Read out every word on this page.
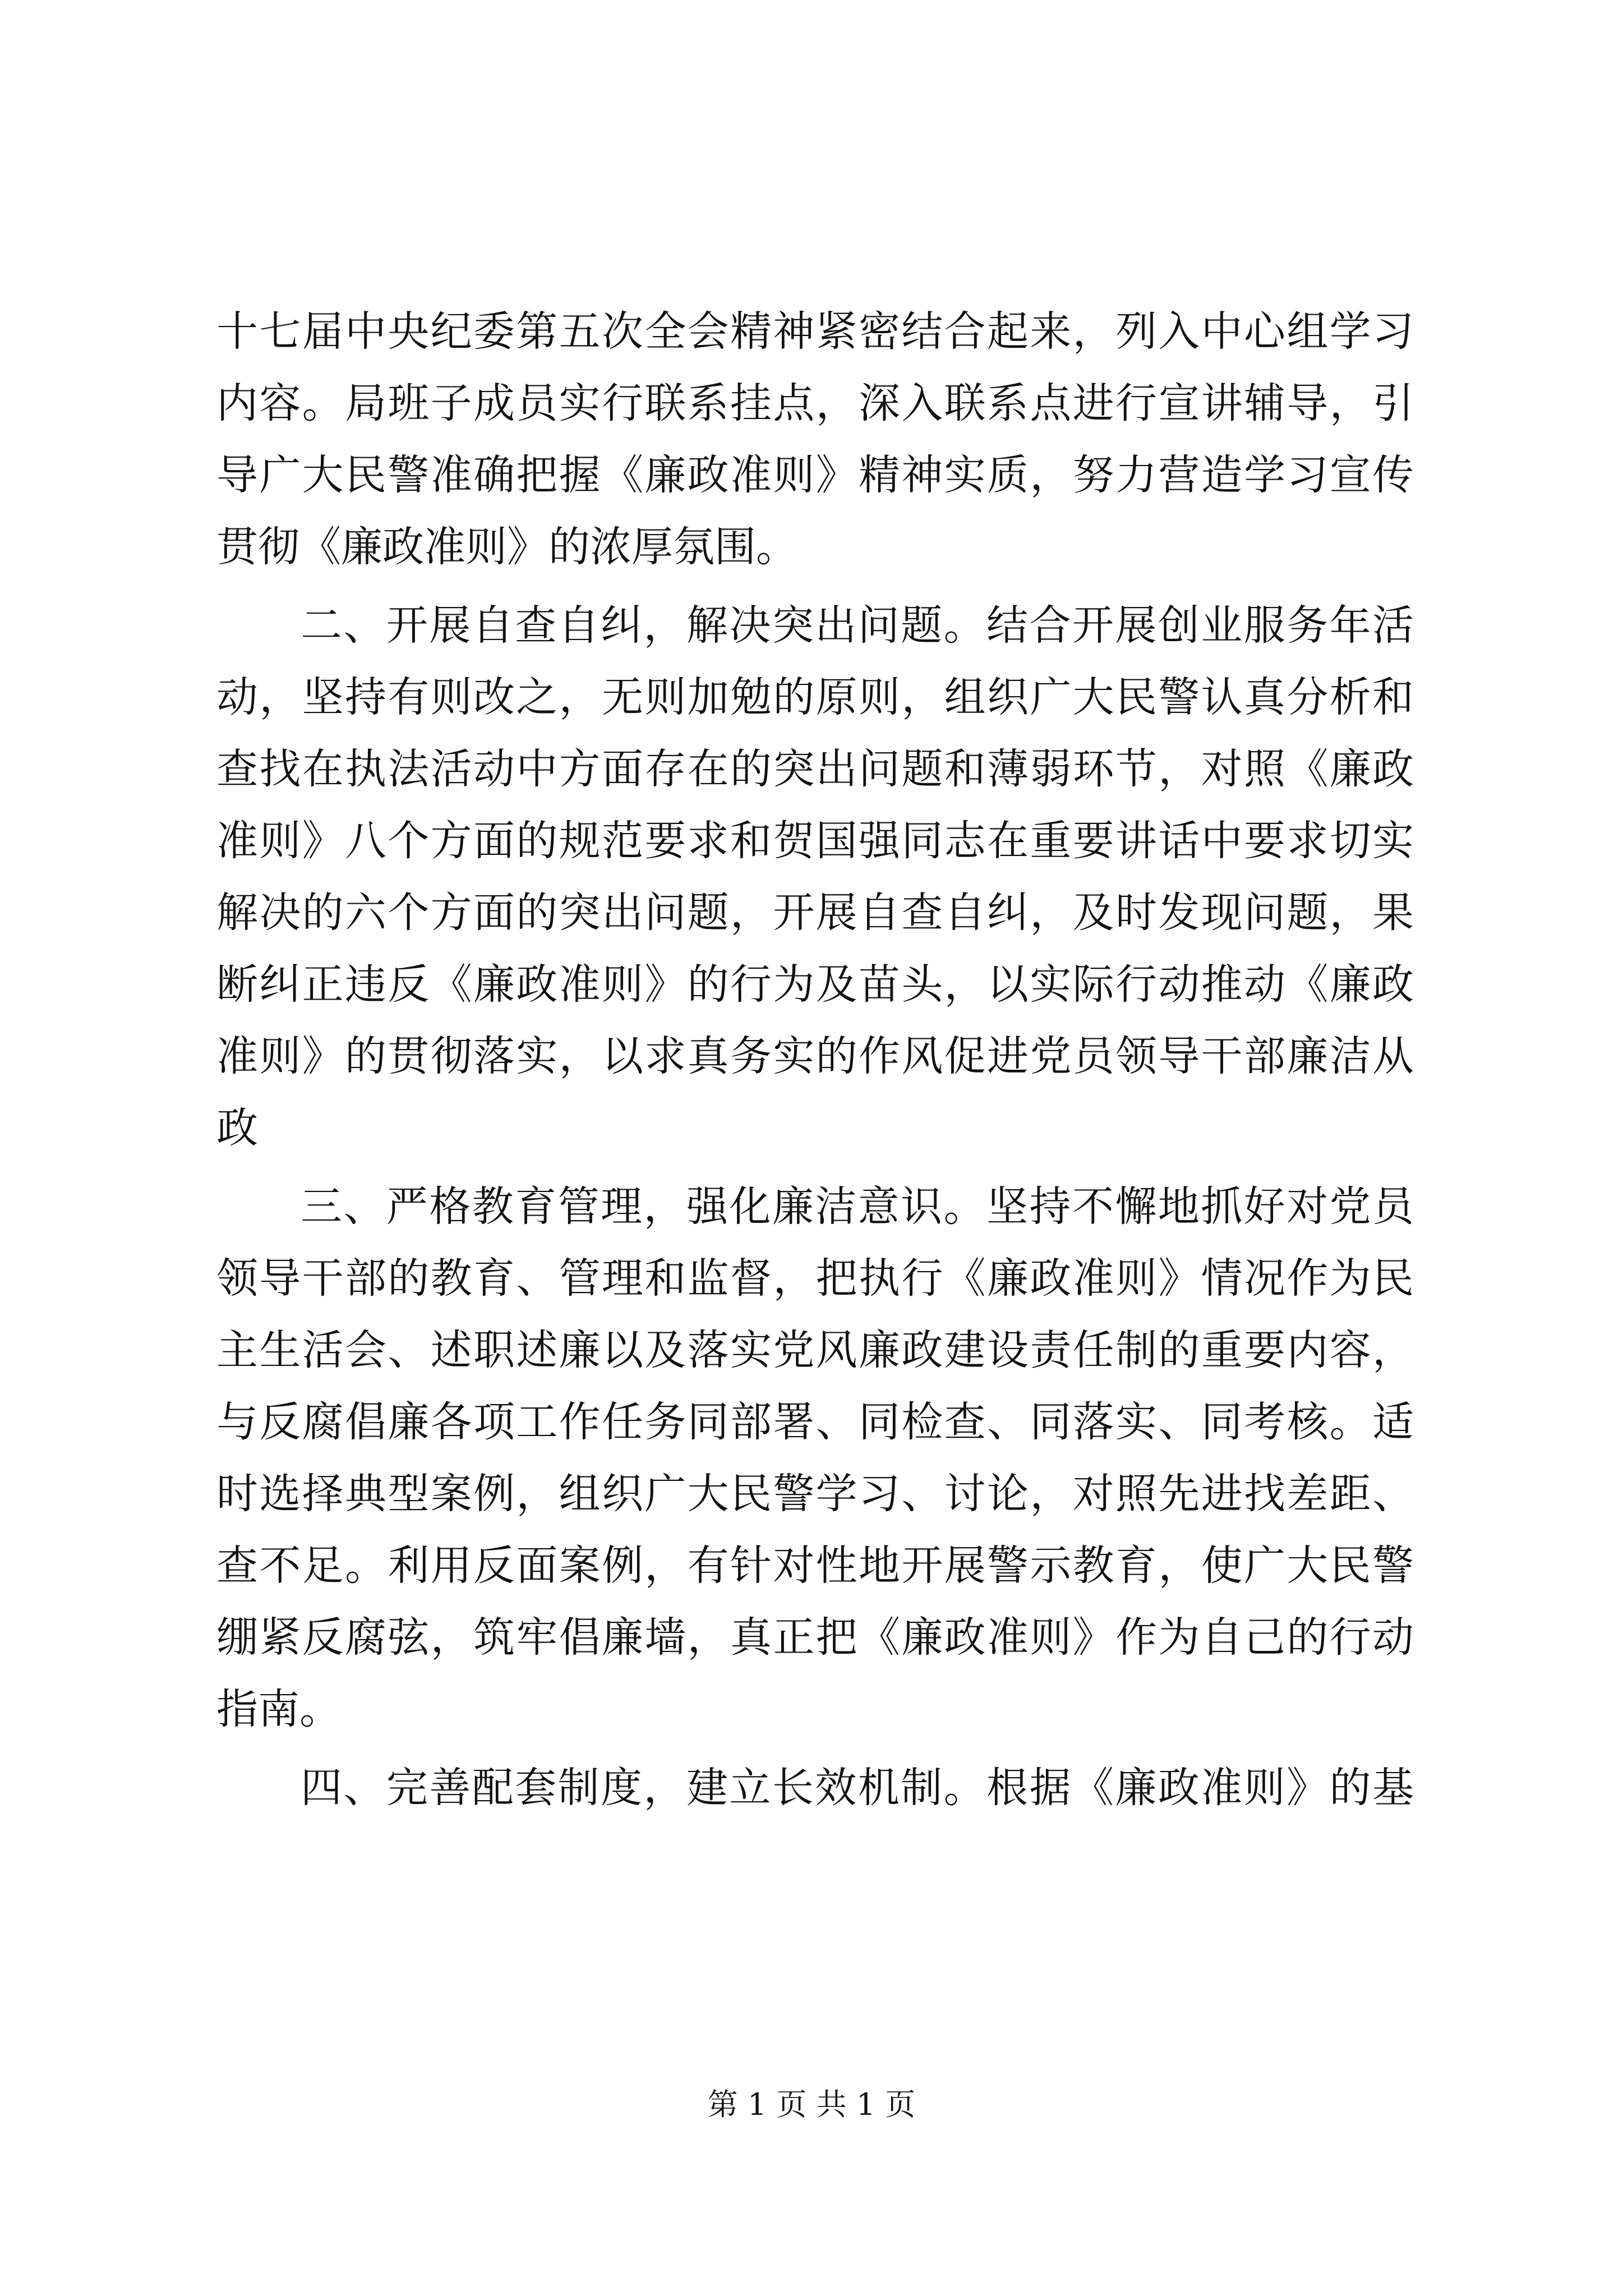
十七届中央纪委第五次全会精神紧密结合起来，列入中心组学习
内容。局班子成员实行联系挂点，深入联系点进行宣讲辅导，引
导广大民警准确把握《廉政准则》精神实质，努力营造学习宣传
贯彻《廉政准则》的浓厚氛围。
二、开展自查自纠，解决突出问题。结合开展创业服务年活
动，坚持有则改之，无则加勉的原则，组织广大民警认真分析和
查找在执法活动中方面存在的突出问题和薄弱环节，对照《廉政
准则》八个方面的规范要求和贺国强同志在重要讲话中要求切实
解决的六个方面的突出问题，开展自查自纠，及时发现问题，果
断纠正违反《廉政准则》的行为及苗头，以实际行动推动《廉政
准则》的贯彻落实，以求真务实的作风促进党员领导干部廉洁从
政
三、严格教育管理，强化廉洁意识。坚持不懈地抓好对党员
领导干部的教育、管理和监督，把执行《廉政准则》情况作为民
主生活会、述职述廉以及落实党风廉政建设责任制的重要内容，
与反腐倡廉各项工作任务同部署、同检查、同落实、同考核。适
时选择典型案例，组织广大民警学习、讨论，对照先进找差距、
查不足。利用反面案例，有针对性地开展警示教育，使广大民警
绷紧反腐弦，筑牢倡廉墙，真正把《廉政准则》作为自己的行动
指南。
四、完善配套制度，建立长效机制。根据《廉政准则》的基
第 1 页 共 1 页
